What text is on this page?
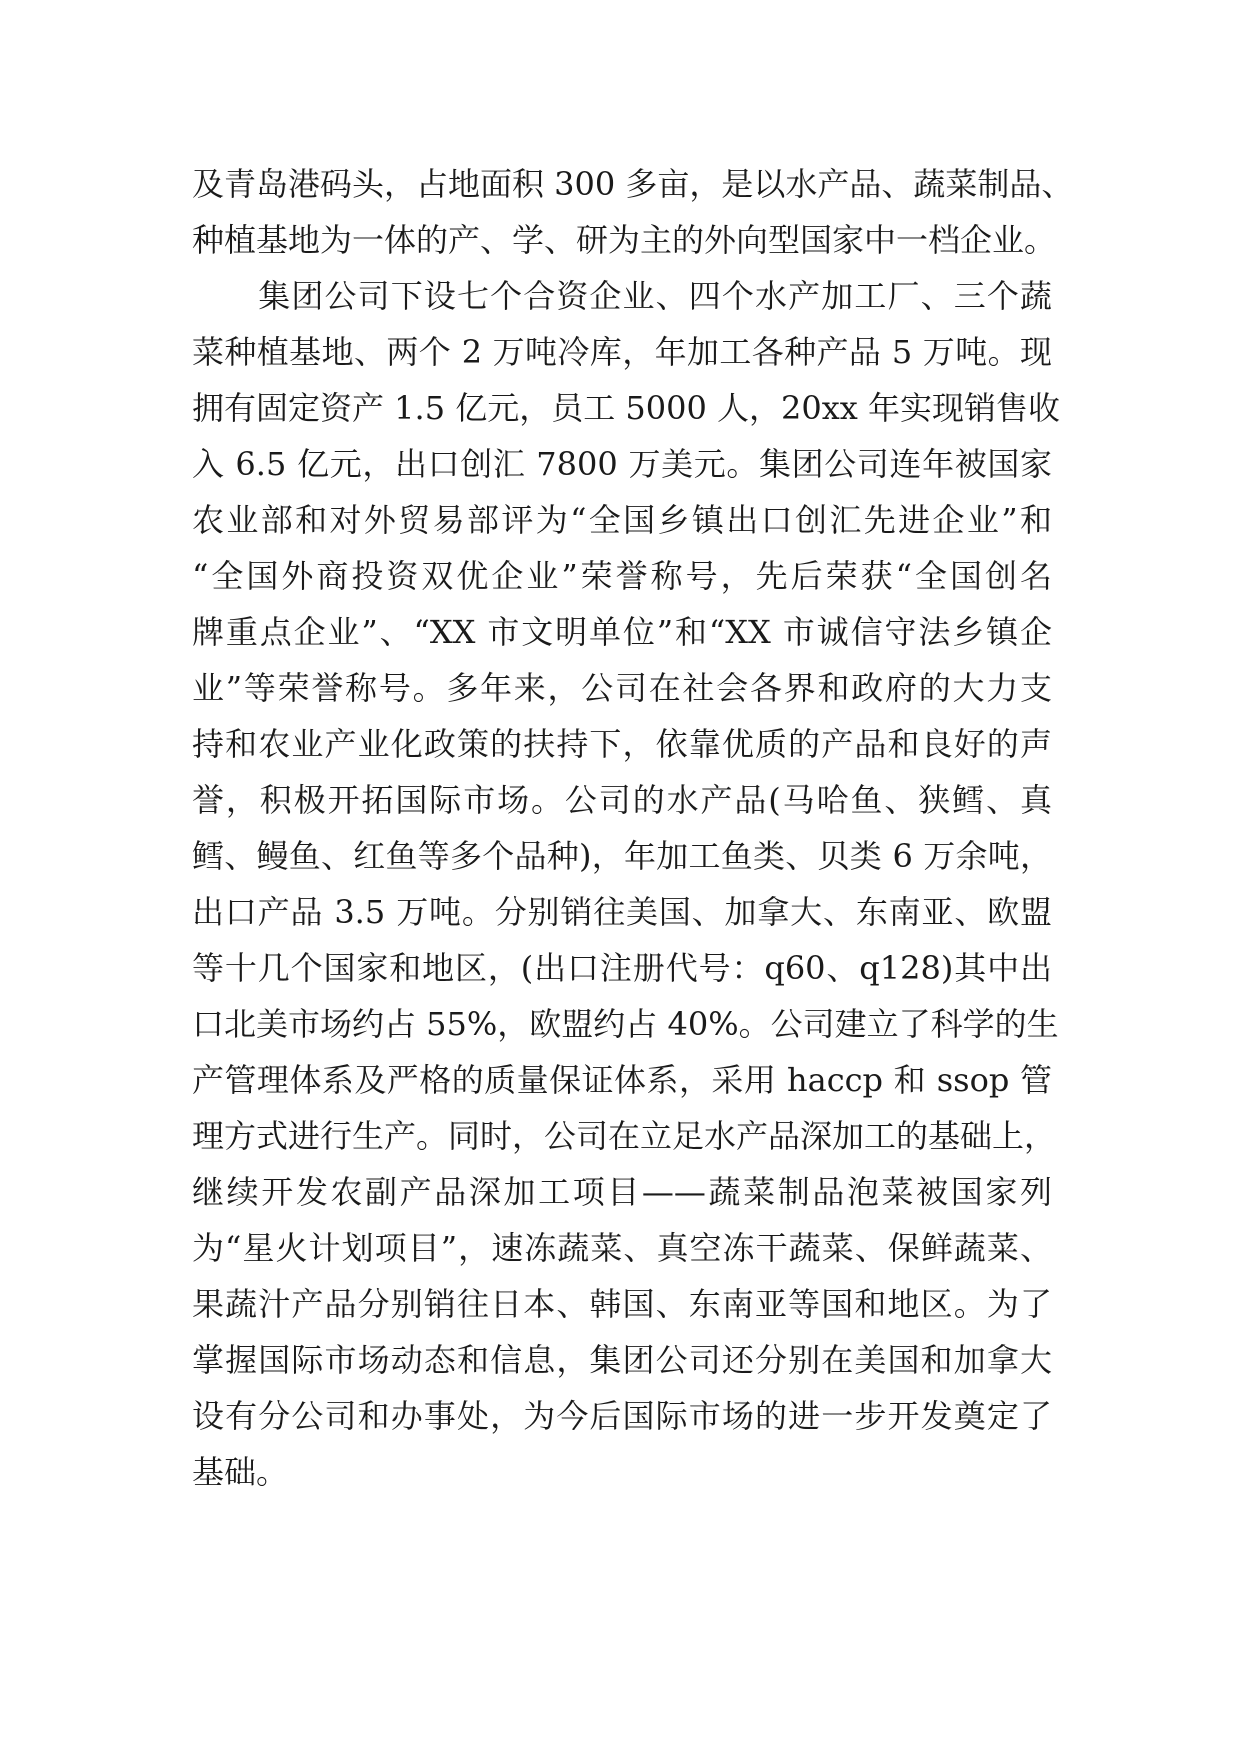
及青岛港码头，占地面积 300 多亩，是以水产品、蔬菜制品、
种植基地为一体的产、学、研为主的外向型国家中一档企业。
　　集团公司下设七个合资企业、四个水产加工厂、三个蔬
菜种植基地、两个 2 万吨冷库，年加工各种产品 5 万吨。现
拥有固定资产 1.5 亿元，员工 5000 人，20xx 年实现销售收
入 6.5 亿元，出口创汇 7800 万美元。集团公司连年被国家
农业部和对外贸易部评为“全国乡镇出口创汇先进企业”和
“全国外商投资双优企业”荣誉称号，先后荣获“全国创名
牌重点企业”、“XX 市文明单位”和“XX 市诚信守法乡镇企
业”等荣誉称号。多年来，公司在社会各界和政府的大力支
持和农业产业化政策的扶持下，依靠优质的产品和良好的声
誉，积极开拓国际市场。公司的水产品(马哈鱼、狭鳕、真
鳕、鳗鱼、红鱼等多个品种)，年加工鱼类、贝类 6 万余吨，
出口产品 3.5 万吨。分别销往美国、加拿大、东南亚、欧盟
等十几个国家和地区，(出口注册代号：q60、q128)其中出
口北美市场约占 55%，欧盟约占 40%。公司建立了科学的生
产管理体系及严格的质量保证体系，采用 haccp 和 ssop 管
理方式进行生产。同时，公司在立足水产品深加工的基础上，
继续开发农副产品深加工项目——蔬菜制品泡菜被国家列
为“星火计划项目”，速冻蔬菜、真空冻干蔬菜、保鲜蔬菜、
果蔬汁产品分别销往日本、韩国、东南亚等国和地区。为了
掌握国际市场动态和信息，集团公司还分别在美国和加拿大
设有分公司和办事处，为今后国际市场的进一步开发奠定了
基础。
